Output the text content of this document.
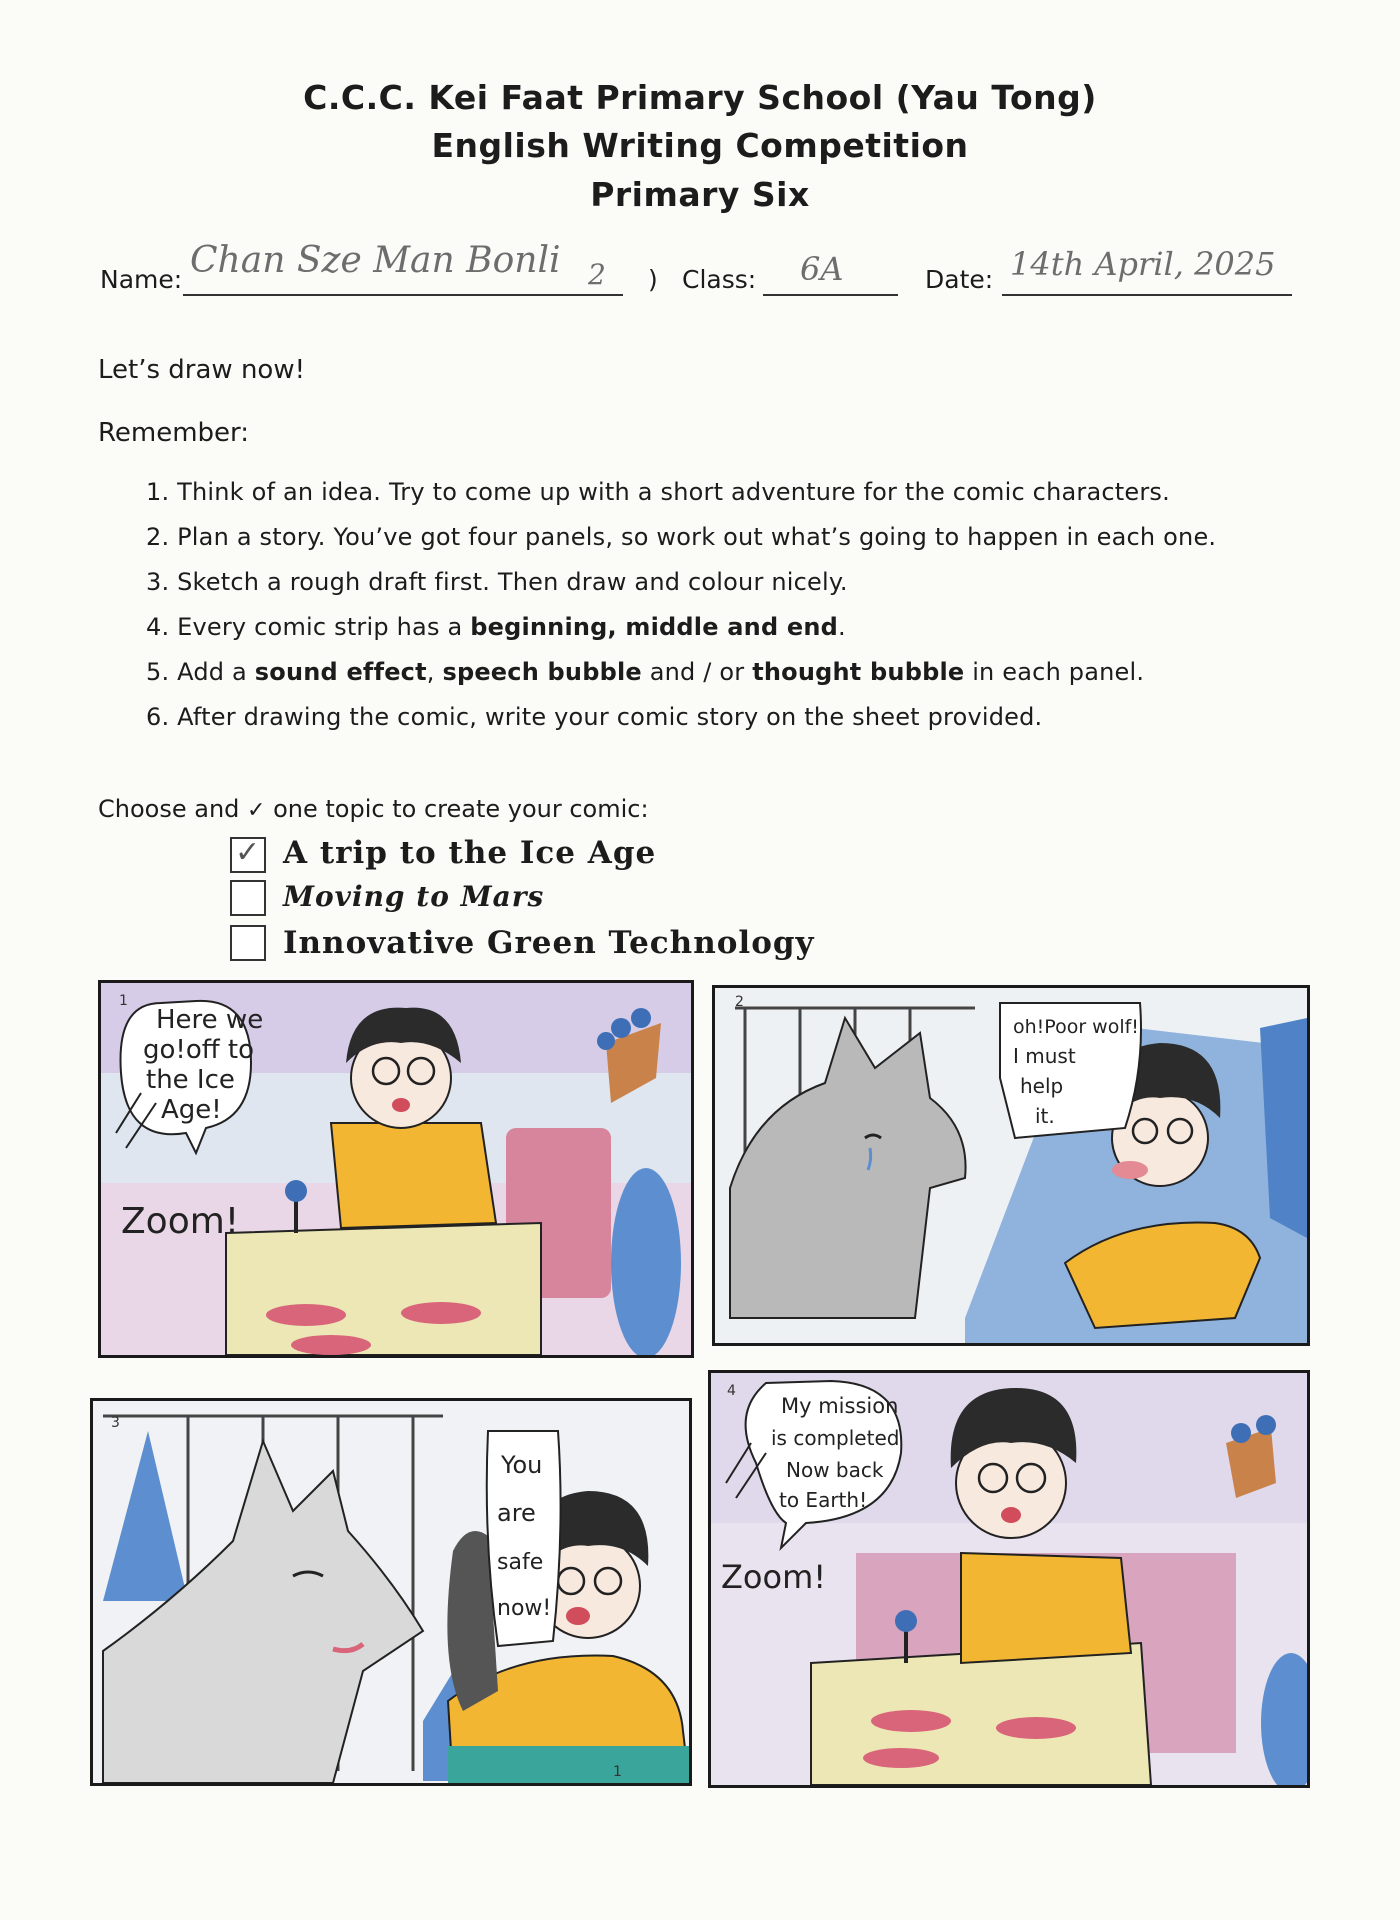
C.C.C. Kei Faat Primary School (Yau Tong)
English Writing Competition
Primary Six
Name: Chan Sze Man Bonli 2 ) Class: 6A	Date: 14th April, 2025
Let’s draw now!
Remember:
1. Think of an idea. Try to come up with a short adventure for the comic characters.
2. Plan a story. You’ve got four panels, so work out what’s going to happen in each one.
3. Sketch a rough draft first. Then draw and colour nicely.
4. Every comic strip has a beginning, middle and end.
5. Add a sound effect, speech bubble and / or thought bubble in each panel.
6. After drawing the comic, write your comic story on the sheet provided.
Choose and ✓ one topic to create your comic:
✓ A trip to the Ice Age
Moving to Mars
Innovative Green Technology
Here we
go!off to
the Ice
Age!
Zoom!
1
oh!Poor wolf!
I must
help
it.
2
You
are
safe
now!
3
1
My mission
is completed
Now back
to Earth!
Zoom!
4
